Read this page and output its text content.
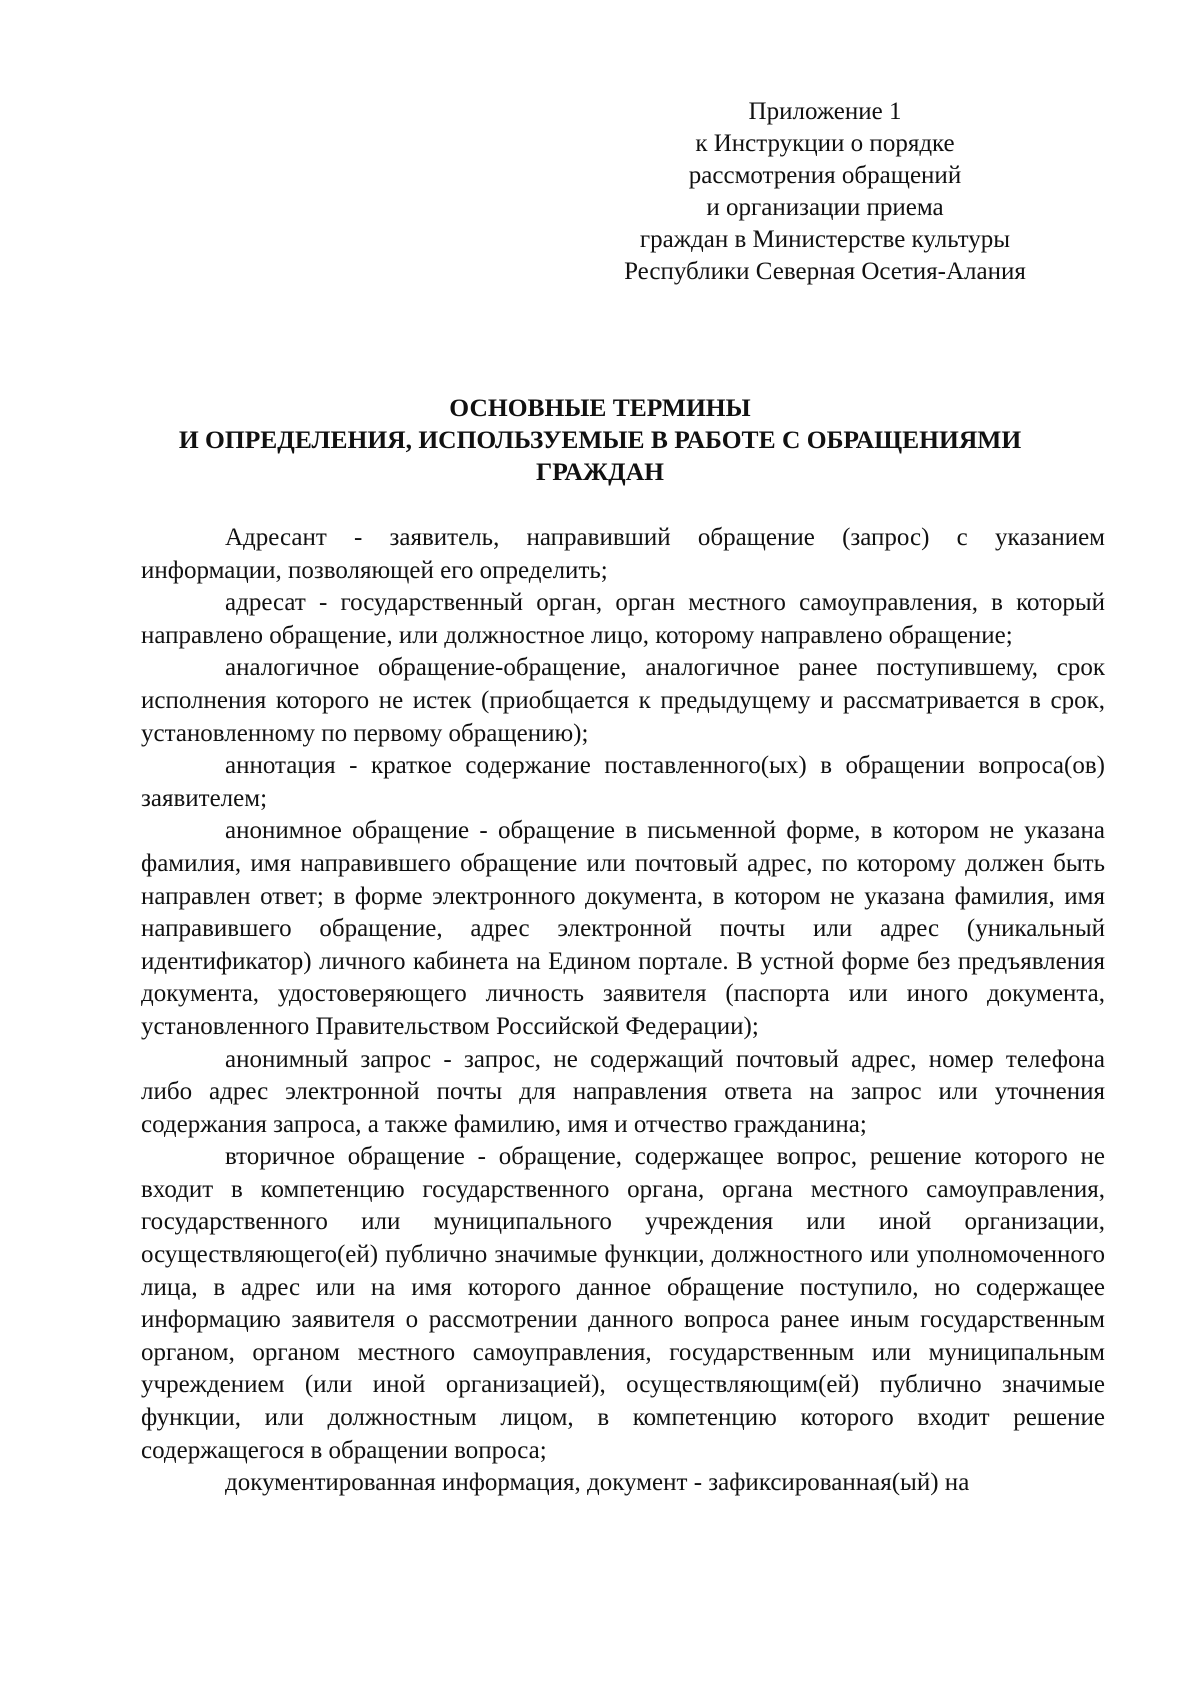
Приложение 1
к Инструкции о порядке
рассмотрения обращений
и организации приема
граждан в Министерстве культуры
Республики Северная Осетия-Алания
ОСНОВНЫЕ ТЕРМИНЫ
И ОПРЕДЕЛЕНИЯ, ИСПОЛЬЗУЕМЫЕ В РАБОТЕ С ОБРАЩЕНИЯМИ
ГРАЖДАН

Адресант - заявитель, направивший обращение (запрос) с указанием информации, позволяющей его определить;

адресат - государственный орган, орган местного самоуправления, в который направлено обращение, или должностное лицо, которому направлено обращение;

аналогичное обращение-обращение, аналогичное ранее поступившему, срок исполнения которого не истек (приобщается к предыдущему и рассматривается в срок, установленному по первому обращению);

аннотация - краткое содержание поставленного(ых) в обращении вопроса(ов) заявителем;

анонимное обращение - обращение в письменной форме, в котором не указана фамилия, имя направившего обращение или почтовый адрес, по которому должен быть направлен ответ; в форме электронного документа, в котором не указана фамилия, имя направившего обращение, адрес электронной почты или адрес (уникальный идентификатор) личного кабинета на Едином портале. В устной форме без предъявления документа, удостоверяющего личность заявителя (паспорта или иного документа, установленного Правительством Российской Федерации);

анонимный запрос - запрос, не содержащий почтовый адрес, номер телефона либо адрес электронной почты для направления ответа на запрос или уточнения содержания запроса, а также фамилию, имя и отчество гражданина;

вторичное обращение - обращение, содержащее вопрос, решение которого не входит в компетенцию государственного органа, органа местного самоуправления, государственного или муниципального учреждения или иной организации, осуществляющего(ей) публично значимые функции, должностного или уполномоченного лица, в адрес или на имя которого данное обращение поступило, но содержащее информацию заявителя о рассмотрении данного вопроса ранее иным государственным органом, органом местного самоуправления, государственным или муниципальным учреждением (или иной организацией), осуществляющим(ей) публично значимые функции, или должностным лицом, в компетенцию которого входит решение содержащегося в обращении вопроса;

документированная информация, документ - зафиксированная(ый) на
